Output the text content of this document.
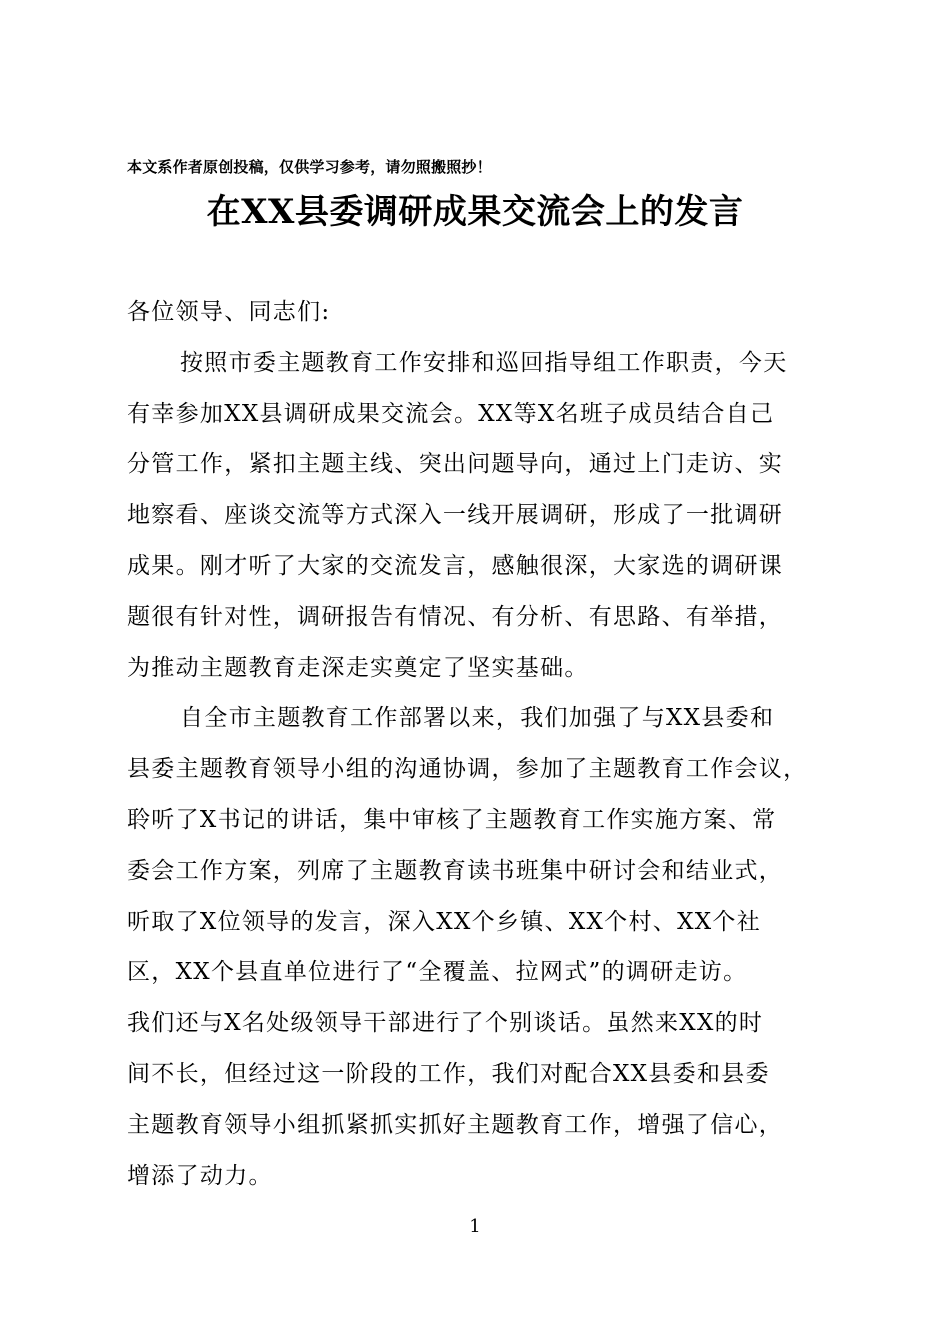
本文系作者原创投稿，仅供学习参考，请勿照搬照抄！
在XX县委调研成果交流会上的发言
各位领导、同志们:
按照市委主题教育工作安排和巡回指导组工作职责，今天
有幸参加XX县调研成果交流会。XX等X名班子成员结合自己
分管工作，紧扣主题主线、突出问题导向，通过上门走访、实
地察看、座谈交流等方式深入一线开展调研，形成了一批调研
成果。刚才听了大家的交流发言，感触很深，大家选的调研课
题很有针对性，调研报告有情况、有分析、有思路、有举措，
为推动主题教育走深走实奠定了坚实基础。
自全市主题教育工作部署以来，我们加强了与XX县委和
县委主题教育领导小组的沟通协调，参加了主题教育工作会议，
聆听了X书记的讲话，集中审核了主题教育工作实施方案、常
委会工作方案，列席了主题教育读书班集中研讨会和结业式，
听取了X位领导的发言，深入XX个乡镇、XX个村、XX个社
区，XX个县直单位进行了“全覆盖、拉网式”的调研走访。
我们还与X名处级领导干部进行了个别谈话。虽然来XX的时
间不长，但经过这一阶段的工作，我们对配合XX县委和县委
主题教育领导小组抓紧抓实抓好主题教育工作，增强了信心，
增添了动力。
1
